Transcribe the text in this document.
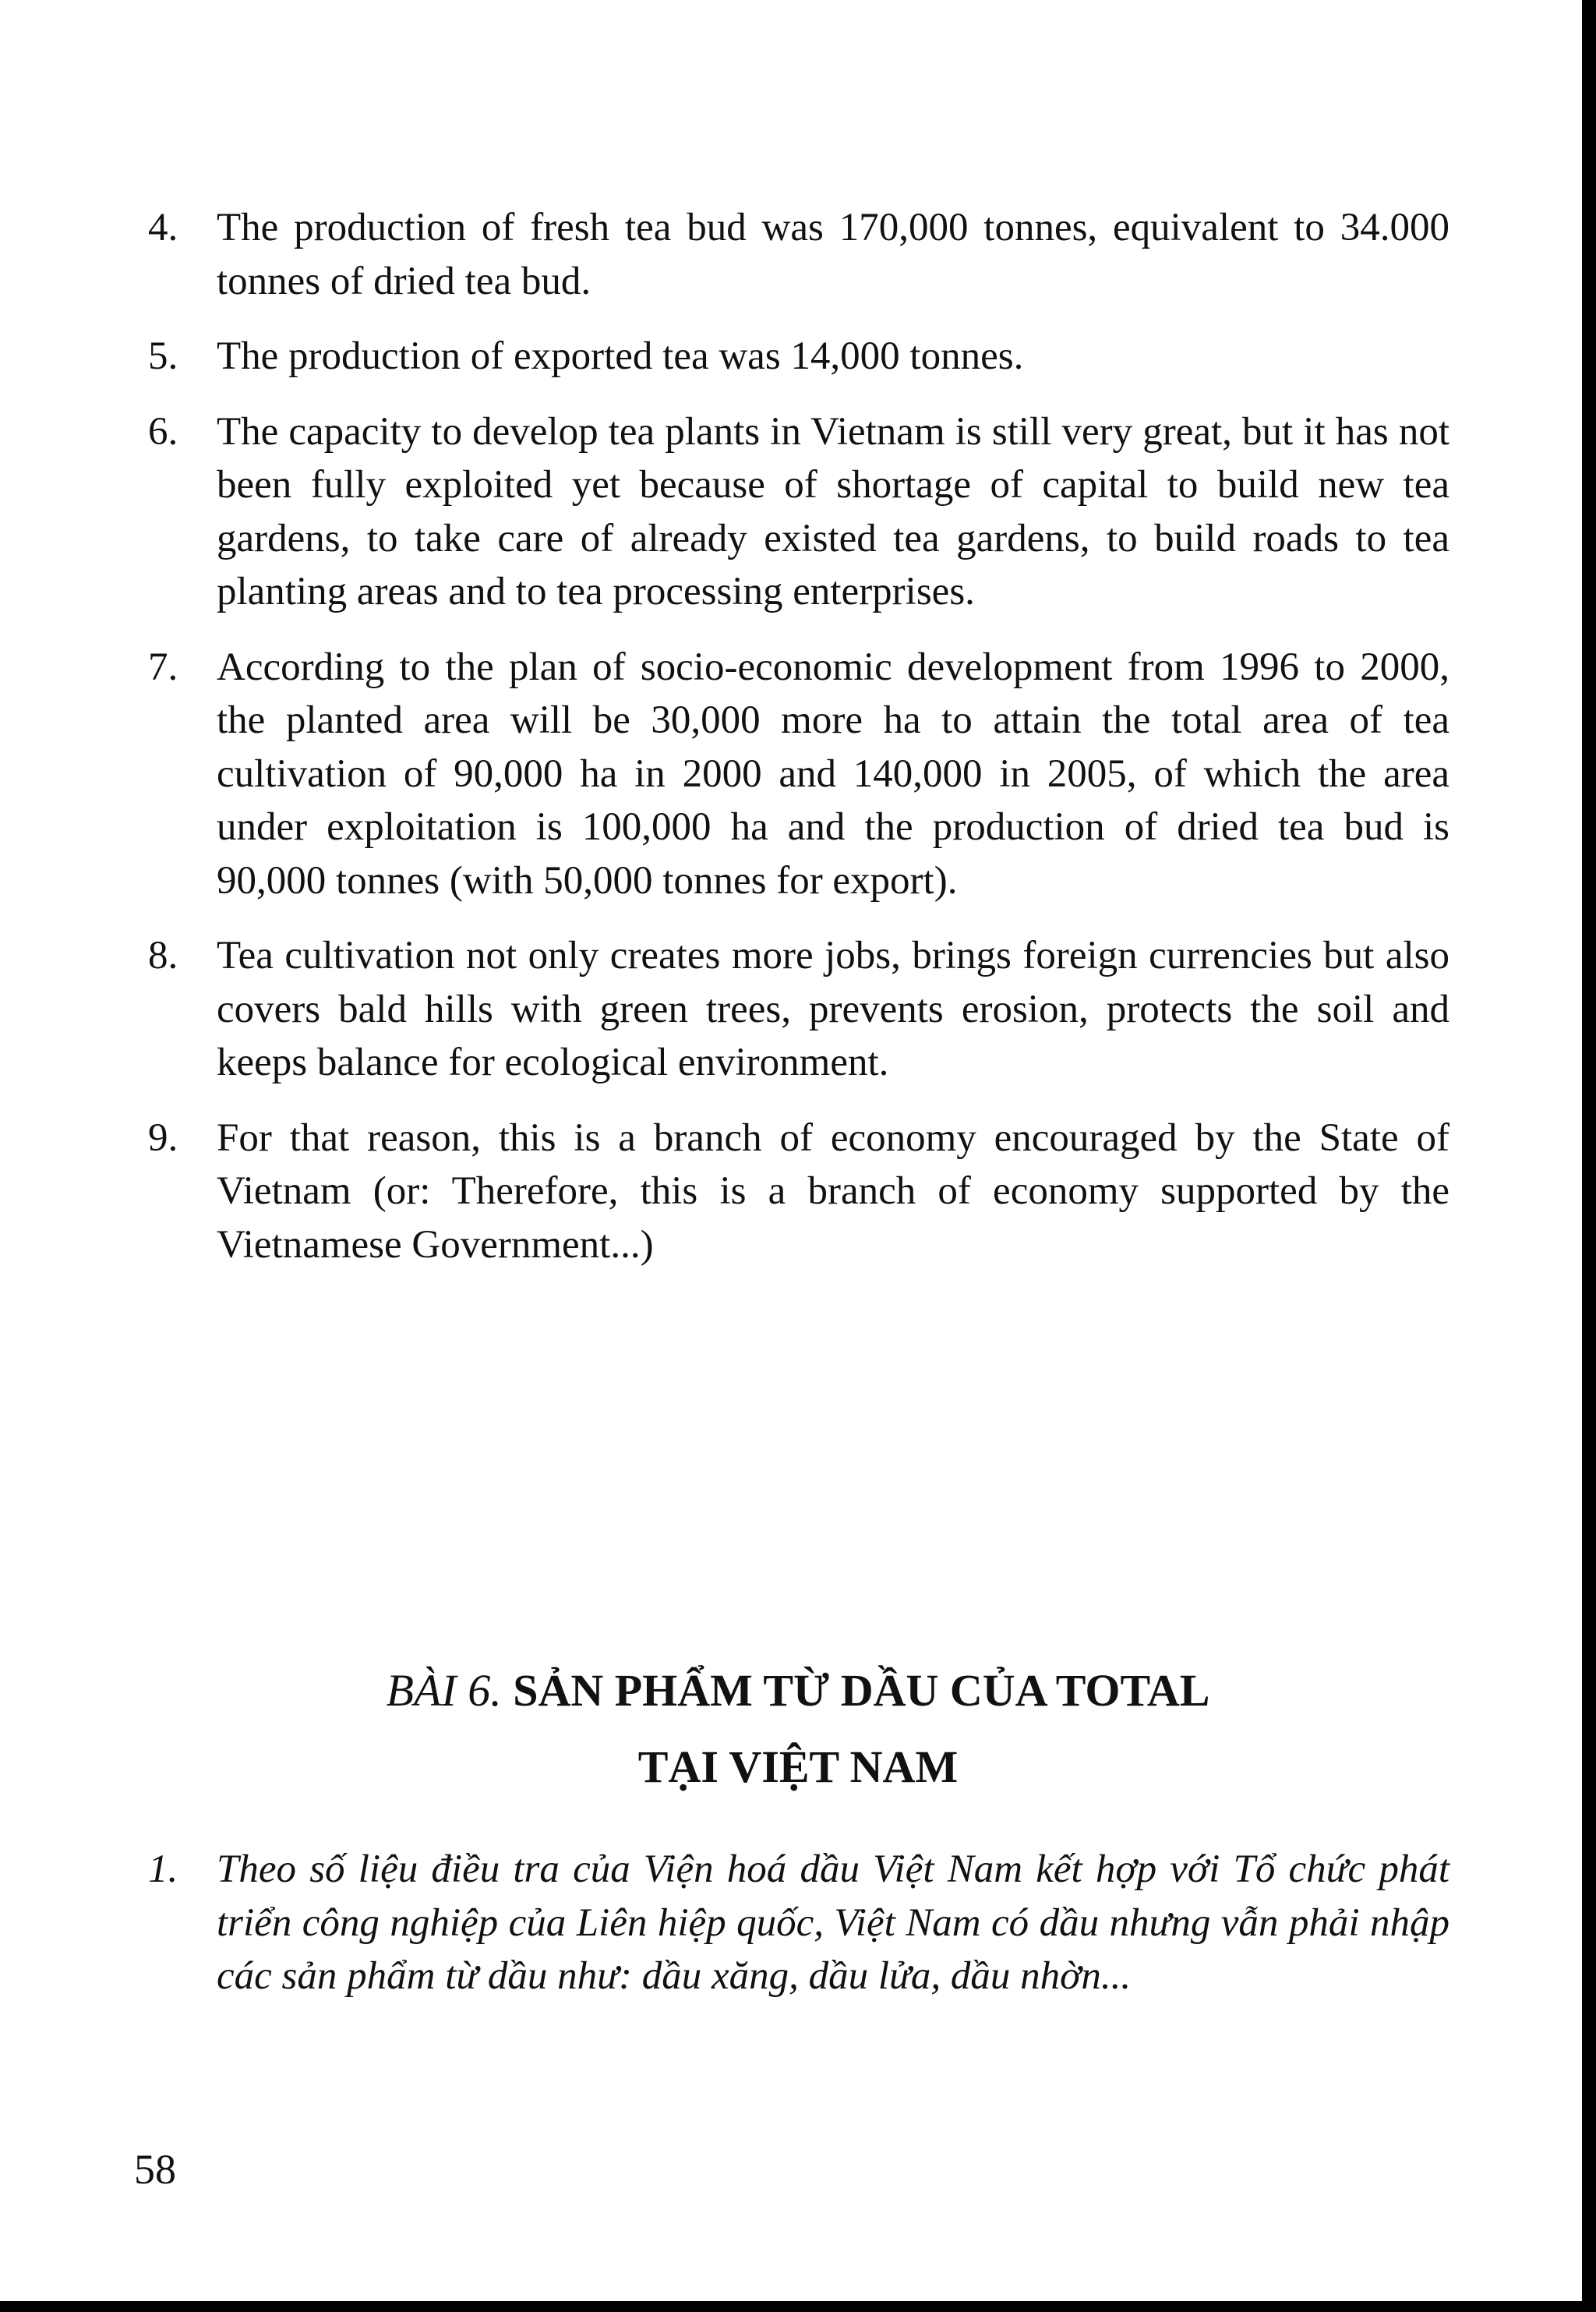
4. The production of fresh tea bud was 170,000 tonnes, equivalent to 34.000 tonnes of dried tea bud.
5. The production of exported tea was 14,000 tonnes.
6. The capacity to develop tea plants in Vietnam is still very great, but it has not been fully exploited yet because of shortage of capital to build new tea gardens, to take care of already existed tea gardens, to build roads to tea planting areas and to tea processing enterprises.
7. According to the plan of socio-economic development from 1996 to 2000, the planted area will be 30,000 more ha to attain the total area of tea cultivation of 90,000 ha in 2000 and 140,000 in 2005, of which the area under exploitation is 100,000 ha and the production of dried tea bud is 90,000 tonnes (with 50,000 tonnes for export).
8. Tea cultivation not only creates more jobs, brings foreign currencies but also covers bald hills with green trees, prevents erosion, protects the soil and keeps balance for ecological environment.
9. For that reason, this is a branch of economy encouraged by the State of Vietnam (or: Therefore, this is a branch of economy supported by the Vietnamese Government...)
BÀI 6. SẢN PHẨM TỪ DẦU CỦA TOTAL
TẠI VIỆT NAM
1. Theo số liệu điều tra của Viện hoá dầu Việt Nam kết hợp với Tổ chức phát triển công nghiệp của Liên hiệp quốc, Việt Nam có dầu nhưng vẫn phải nhập các sản phẩm từ dầu như: dầu xăng, dầu lửa, dầu nhờn...
58
